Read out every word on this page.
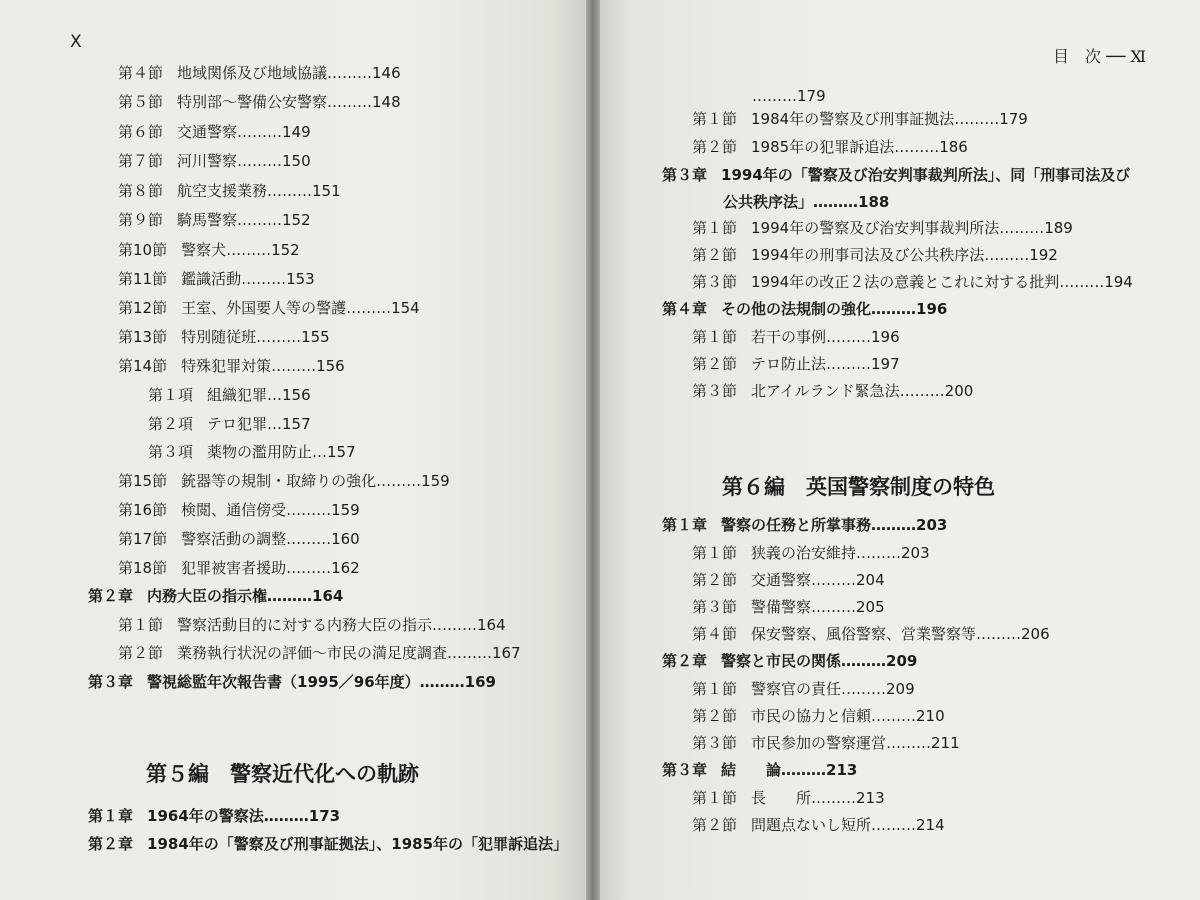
X
第４節 地域関係及び地域協議………146
第５節 特別部～警備公安警察………148
第６節 交通警察………149
第７節 河川警察………150
第８節 航空支援業務………151
第９節 騎馬警察………152
第10節 警察犬………152
第11節 鑑識活動………153
第12節 王室、外国要人等の警護………154
第13節 特別随従班………155
第14節 特殊犯罪対策………156
第１項 組織犯罪…156
第２項 テロ犯罪…157
第３項 薬物の濫用防止…157
第15節 銃器等の規制・取締りの強化………159
第16節 検閲、通信傍受………159
第17節 警察活動の調整………160
第18節 犯罪被害者援助………162
第２章 内務大臣の指示権………164
第１節 警察活動目的に対する内務大臣の指示………164
第２節 業務執行状況の評価～市民の満足度調査………167
第３章 警視総監年次報告書（1995／96年度）………169
第５編　警察近代化への軌跡
第１章 1964年の警察法………173
第２章 1984年の「警察及び刑事証拠法」、1985年の「犯罪訴追法」
目　次 ── Ⅺ
………179
第１節 1984年の警察及び刑事証拠法………179
第２節 1985年の犯罪訴追法………186
第３章 1994年の「警察及び治安判事裁判所法」、同「刑事司法及び
公共秩序法」………188
第１節 1994年の警察及び治安判事裁判所法………189
第２節 1994年の刑事司法及び公共秩序法………192
第３節 1994年の改正２法の意義とこれに対する批判………194
第４章 その他の法規制の強化………196
第１節 若干の事例………196
第２節 テロ防止法………197
第３節 北アイルランド緊急法………200
第６編　英国警察制度の特色
第１章 警察の任務と所掌事務………203
第１節 狭義の治安維持………203
第２節 交通警察………204
第３節 警備警察………205
第４節 保安警察、風俗警察、営業警察等………206
第２章 警察と市民の関係………209
第１節 警察官の責任………209
第２節 市民の協力と信頼………210
第３節 市民参加の警察運営………211
第３章 結　　論………213
第１節 長　　所………213
第２節 問題点ないし短所………214
